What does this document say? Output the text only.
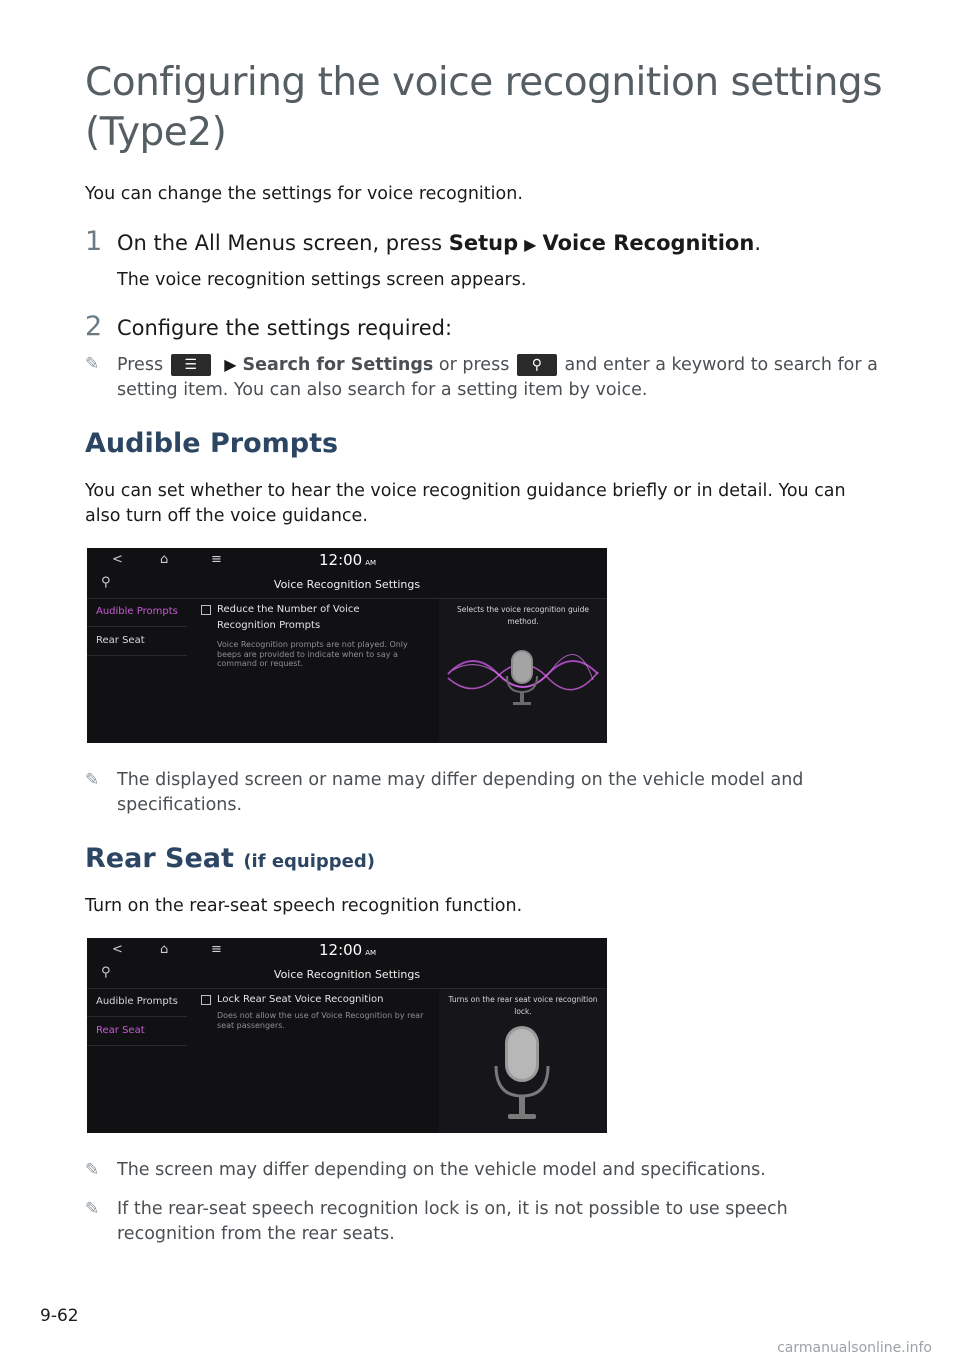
Configuring the voice recognition settings (Type2)
You can change the settings for voice recognition.
1 On the All Menus screen, press Setup ▶ Voice Recognition.
The voice recognition settings screen appears.
2 Configure the settings required:
✎	Press	☰	▶ Search for Settings or press	⚲	and enter a keyword to search for a
setting item. You can also search for a setting item by voice.
Audible Prompts
You can set whether to hear the voice recognition guidance briefly or in detail. You can also turn off the voice guidance.
<	⌂	≡	12:00 AM
⚲	Voice Recognition Settings
Audible Prompts
Rear Seat
Reduce the Number of Voice Recognition Prompts
Voice Recognition prompts are not played. Only beeps are provided to indicate when to say a command or request.
Selects the voice recognition guide method.
✎	The displayed screen or name may differ depending on the vehicle model and specifications.
Rear Seat (if equipped)
Turn on the rear-seat speech recognition function.
<	⌂	≡	12:00 AM
⚲	Voice Recognition Settings
Audible Prompts
Rear Seat
Lock Rear Seat Voice Recognition
Does not allow the use of Voice Recognition by rear seat passengers.
Turns on the rear seat voice recognition lock.
✎	The screen may differ depending on the vehicle model and specifications.
✎	If the rear-seat speech recognition lock is on, it is not possible to use speech recognition from the rear seats.
9-62
carmanualsonline.info
